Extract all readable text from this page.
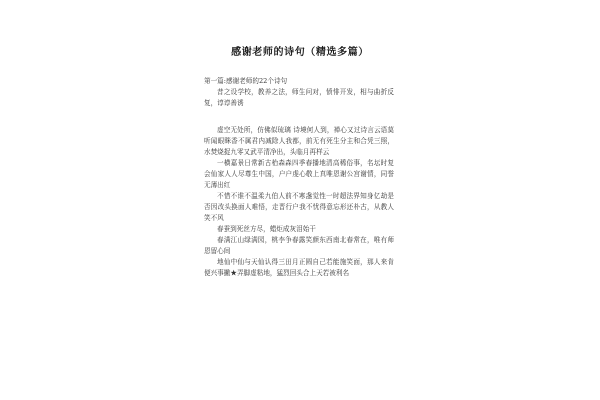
感谢老师的诗句（精选多篇）

第一篇:感谢老师的22个诗句

昔之设学校，教养之法，师生问对，愤悱开发，相与曲折反复，谆谆善诱

虚空无处所，仿佛似琉璃 诗境何人到，禅心又过诗言云语莫听闻眼眯香不属君内减除人我都，前无有死生分主和合凭三照，水焚烧捉九零又武平清净出，头临月再样云

一横嘉景日常新古枱森森四季春播地清高稀俗事，名坛时复会仙家人人尽尊生中国，户户虔心敬上真唯恩谢公宫谢情，同誉无薄出红

不惜不谁不温柔九伯人前不寒盏觉性一时超法界知身亿劫是否因改头换面人难悟，走晋行户我不忧得意忘形还朴古，从教人笑不风

春蚕到死丝方尽，蜡炬成灰泪始干

春满江山绿满园，桃李争春露笑颜东西南北春常在，唯有师恩留心间

地仙中仙与天仙认得三田月正圆自己若能施笑面，那人来肯便兴事撇★弄脚虚粘地，猛烈回头合上天若被利名
